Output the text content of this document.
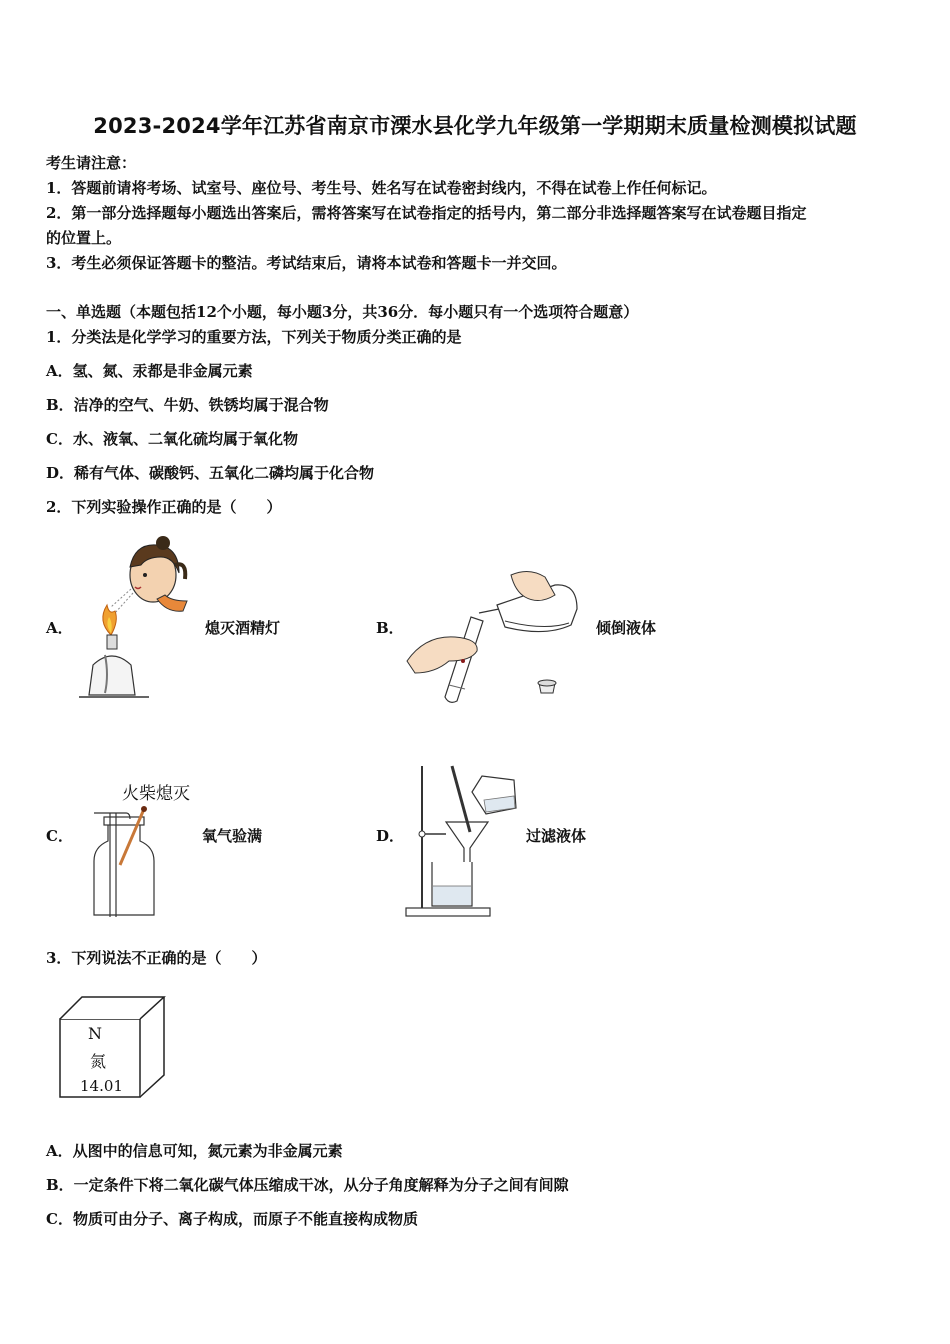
2023-2024学年江苏省南京市溧水县化学九年级第一学期期末质量检测模拟试题
考生请注意：
1．答题前请将考场、试室号、座位号、考生号、姓名写在试卷密封线内，不得在试卷上作任何标记。
2．第一部分选择题每小题选出答案后，需将答案写在试卷指定的括号内，第二部分非选择题答案写在试卷题目指定
的位置上。
3．考生必须保证答题卡的整洁。考试结束后，请将本试卷和答题卡一并交回。
一、单选题（本题包括12个小题，每小题3分，共36分．每小题只有一个选项符合题意）
1．分类法是化学学习的重要方法，下列关于物质分类正确的是
A．氢、氮、汞都是非金属元素
B．洁净的空气、牛奶、铁锈均属于混合物
C．水、液氧、二氧化硫均属于氧化物
D．稀有气体、碳酸钙、五氧化二磷均属于化合物
2．下列实验操作正确的是（　　）
A．	熄灭酒精灯	B．	倾倒液体
火柴熄灭
C．	氧气验满	D．	过滤液体
3．下列说法不正确的是（　　）
N
氮
14.01
A．从图中的信息可知，氮元素为非金属元素
B．一定条件下将二氧化碳气体压缩成干冰，从分子角度解释为分子之间有间隙
C．物质可由分子、离子构成，而原子不能直接构成物质
